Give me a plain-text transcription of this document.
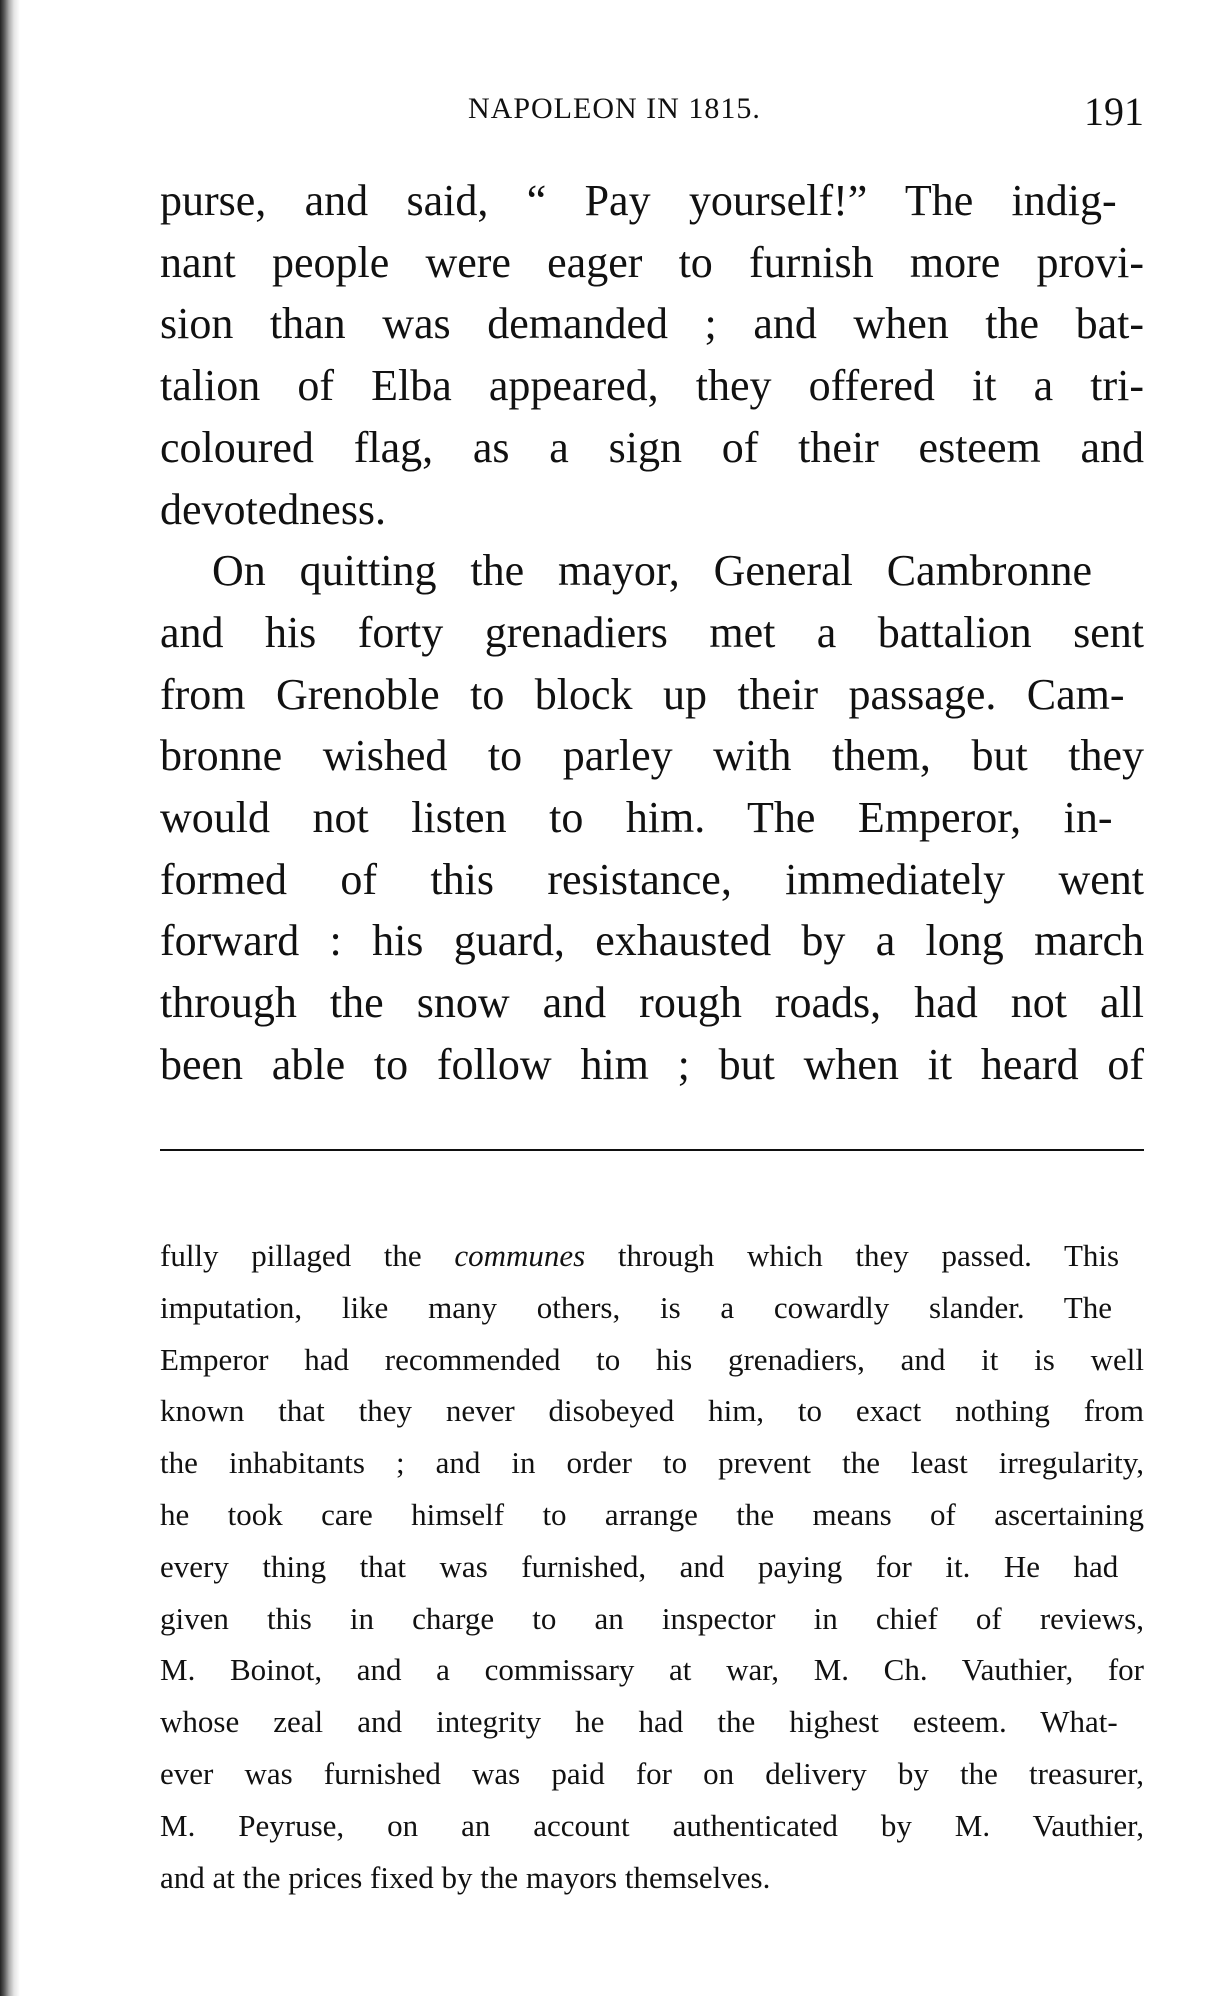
NAPOLEON IN 1815.	191
purse, and said, “ Pay yourself!” The indig-
nant people were eager to furnish more provi-
sion than was demanded ; and when the bat-
talion of Elba appeared, they offered it a tri-
coloured flag, as a sign of their esteem and
devotedness.
On quitting the mayor, General Cambronne
and his forty grenadiers met a battalion sent
from Grenoble to block up their passage. Cam-
bronne wished to parley with them, but they
would not listen to him. The Emperor, in-
formed of this resistance, immediately went
forward : his guard, exhausted by a long march
through the snow and rough roads, had not all
been able to follow him ; but when it heard of
fully pillaged the communes through which they passed. This
imputation, like many others, is a cowardly slander. The
Emperor had recommended to his grenadiers, and it is well
known that they never disobeyed him, to exact nothing from
the inhabitants ; and in order to prevent the least irregularity,
he took care himself to arrange the means of ascertaining
every thing that was furnished, and paying for it. He had
given this in charge to an inspector in chief of reviews,
M. Boinot, and a commissary at war, M. Ch. Vauthier, for
whose zeal and integrity he had the highest esteem. What-
ever was furnished was paid for on delivery by the treasurer,
M. Peyruse, on an account authenticated by M. Vauthier,
and at the prices fixed by the mayors themselves.
